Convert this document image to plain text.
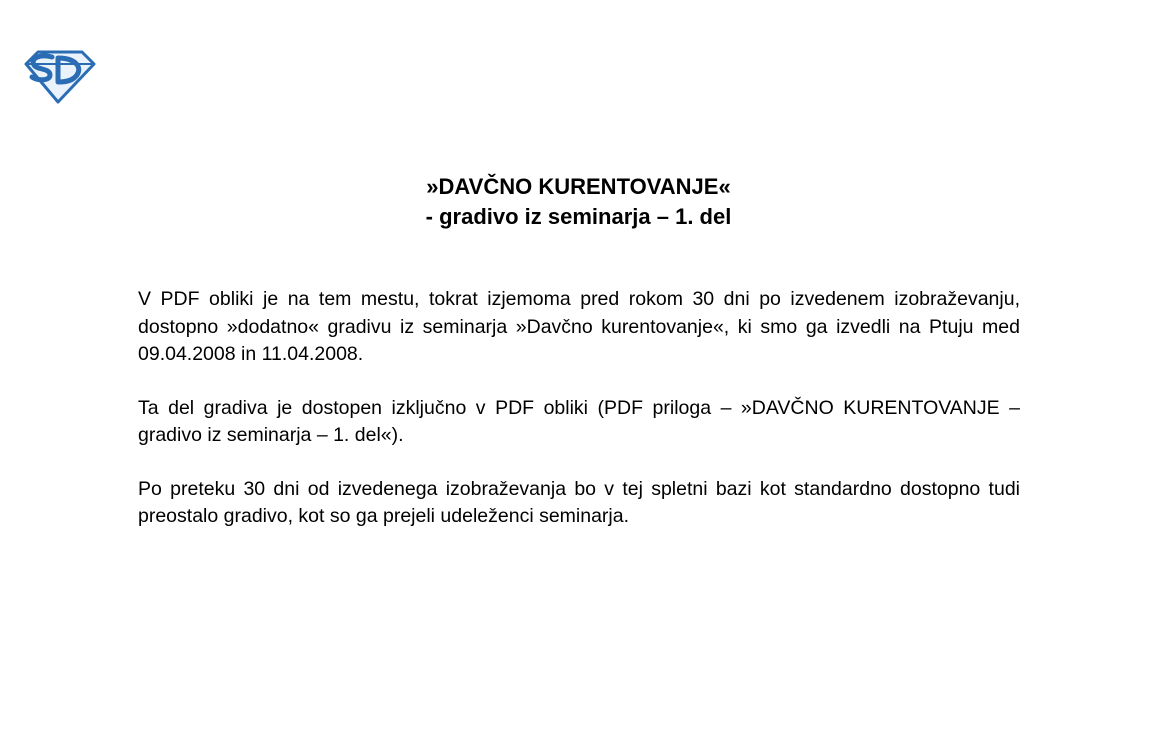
»DAVČNO KURENTOVANJE«

- gradivo iz seminarja – 1. del

V PDF obliki je na tem mestu, tokrat izjemoma pred rokom 30 dni po izvedenem izobraževanju, dostopno »dodatno« gradivu iz seminarja »Davčno kurentovanje«, ki smo ga izvedli na Ptuju med 09.04.2008 in 11.04.2008.

Ta del gradiva je dostopen izključno v PDF obliki (PDF priloga – »DAVČNO KURENTOVANJE – gradivo iz seminarja – 1. del«).

Po preteku 30 dni od izvedenega izobraževanja bo v tej spletni bazi kot standardno dostopno tudi preostalo gradivo, kot so ga prejeli udeleženci seminarja.
